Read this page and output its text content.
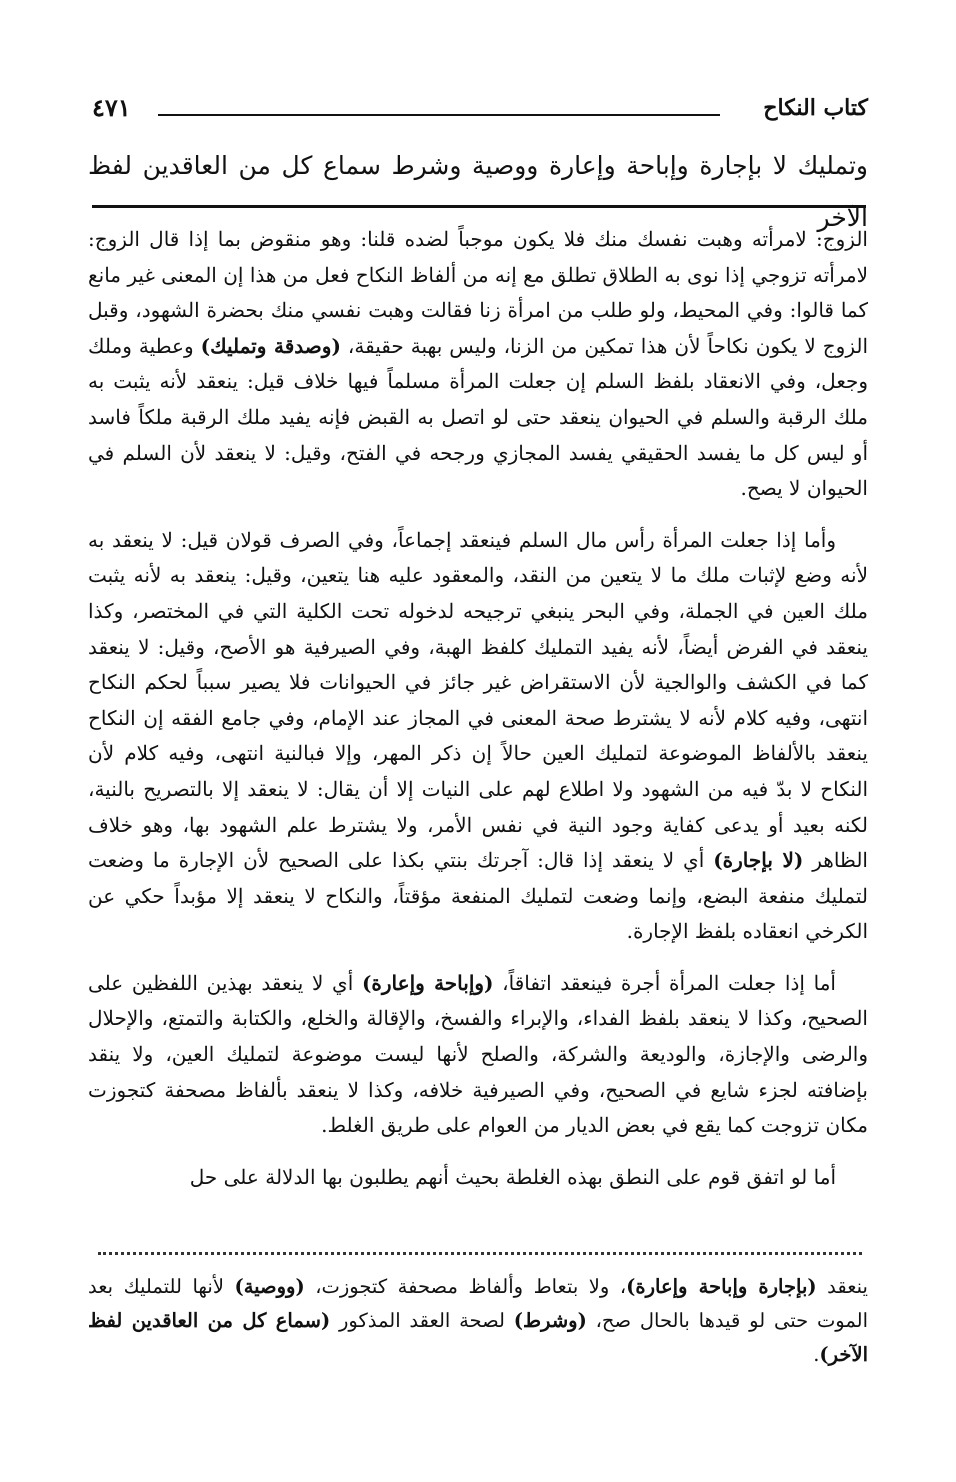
٤٧١	كتاب النكاح
وتمليك لا بإجارة وإباحة وإعارة ووصية وشرط سماع كل من العاقدين لفظ الآخر

الزوج: لامرأته وهبت نفسك منك فلا يكون موجباً لضده قلنا: وهو منقوض بما إذا قال الزوج: لامرأته تزوجي إذا نوى به الطلاق تطلق مع إنه من ألفاظ النكاح فعل من هذا إن المعنى غير مانع كما قالوا: وفي المحيط، ولو طلب من امرأة زنا فقالت وهبت نفسي منك بحضرة الشهود، وقبل الزوج لا يكون نكاحاً لأن هذا تمكين من الزنا، وليس بهبة حقيقة، (وصدقة وتمليك) وعطية وملك وجعل، وفي الانعقاد بلفظ السلم إن جعلت المرأة مسلماً فيها خلاف قيل: ينعقد لأنه يثبت به ملك الرقبة والسلم في الحيوان ينعقد حتى لو اتصل به القبض فإنه يفيد ملك الرقبة ملكاً فاسد أو ليس كل ما يفسد الحقيقي يفسد المجازي ورجحه في الفتح، وقيل: لا ينعقد لأن السلم في الحيوان لا يصح.

وأما إذا جعلت المرأة رأس مال السلم فينعقد إجماعاً، وفي الصرف قولان قيل: لا ينعقد به لأنه وضع لإثبات ملك ما لا يتعين من النقد، والمعقود عليه هنا يتعين، وقيل: ينعقد به لأنه يثبت ملك العين في الجملة، وفي البحر ينبغي ترجيحه لدخوله تحت الكلية التي في المختصر، وكذا ينعقد في الفرض أيضاً، لأنه يفيد التمليك كلفظ الهبة، وفي الصيرفية هو الأصح، وقيل: لا ينعقد كما في الكشف والوالجية لأن الاستقراض غير جائز في الحيوانات فلا يصير سبباً لحكم النكاح انتهى، وفيه كلام لأنه لا يشترط صحة المعنى في المجاز عند الإمام، وفي جامع الفقه إن النكاح ينعقد بالألفاظ الموضوعة لتمليك العين حالاً إن ذكر المهر، وإلا فبالنية انتهى، وفيه كلام لأن النكاح لا بدّ فيه من الشهود ولا اطلاع لهم على النيات إلا أن يقال: لا ينعقد إلا بالتصريح بالنية، لكنه بعيد أو يدعى كفاية وجود النية في نفس الأمر، ولا يشترط علم الشهود بها، وهو خلاف الظاهر (لا بإجارة) أي لا ينعقد إذا قال: آجرتك بنتي بكذا على الصحيح لأن الإجارة ما وضعت لتمليك منفعة البضع، وإنما وضعت لتمليك المنفعة مؤقتاً، والنكاح لا ينعقد إلا مؤبداً حكي عن الكرخي انعقاده بلفظ الإجارة.

أما إذا جعلت المرأة أجرة فينعقد اتفاقاً، (وإباحة وإعارة) أي لا ينعقد بهذين اللفظين على الصحيح، وكذا لا ينعقد بلفظ الفداء، والإبراء والفسخ، والإقالة والخلع، والكتابة والتمتع، والإحلال والرضى والإجازة، والوديعة والشركة، والصلح لأنها ليست موضوعة لتمليك العين، ولا ينقد بإضافته لجزء شايع في الصحيح، وفي الصيرفية خلافه، وكذا لا ينعقد بألفاظ مصحفة كتجوزت مكان تزوجت كما يقع في بعض الديار من العوام على طريق الغلط.

أما لو اتفق قوم على النطق بهذه الغلطة بحيث أنهم يطلبون بها الدلالة على حل

ينعقد (بإجارة وإباحة وإعارة)، ولا بتعاط وألفاظ مصحفة كتجوزت، (ووصية) لأنها للتمليك بعد الموت حتى لو قيدها بالحال صح، (وشرط) لصحة العقد المذكور (سماع كل من العاقدين لفظ الآخر).
